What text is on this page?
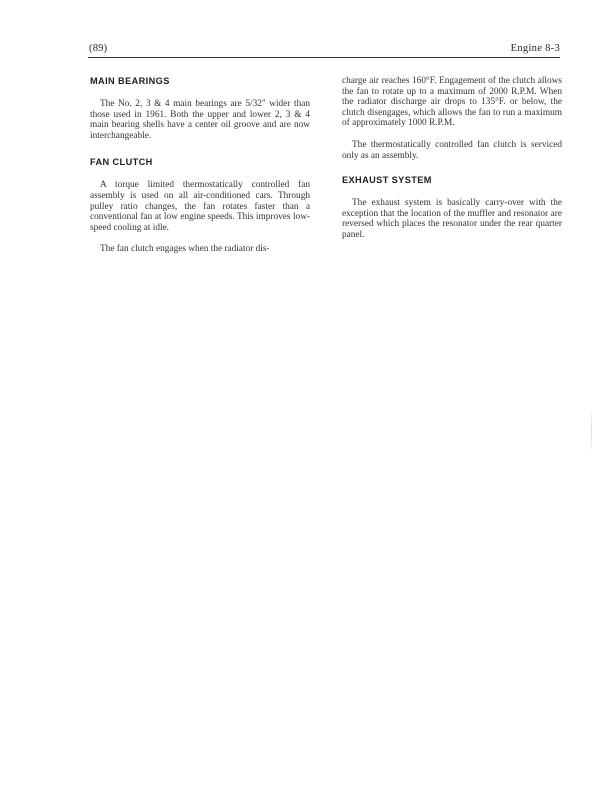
(89)	Engine 8-3
MAIN BEARINGS

The No. 2, 3 & 4 main bearings are 5/32" wider than those used in 1961. Both the upper and lower 2, 3 & 4 main bearing shells have a center oil groove and are now interchangeable.

FAN CLUTCH

A torque limited thermostatically controlled fan assembly is used on all air-conditioned cars. Through pulley ratio changes, the fan rotates faster than a conventional fan at low engine speeds. This improves low-speed cooling at idle.

The fan clutch engages when the radiator dis-

charge air reaches 160°F. Engagement of the clutch allows the fan to rotate up to a maximum of 2000 R.P.M. When the radiator discharge air drops to 135°F. or below, the clutch disengages, which allows the fan to run a maximum of approximately 1000 R.P.M.

The thermostatically controlled fan clutch is serviced only as an assembly.

EXHAUST SYSTEM

The exhaust system is basically carry-over with the exception that the location of the muffler and resonator are reversed which places the resonator under the rear quarter panel.
